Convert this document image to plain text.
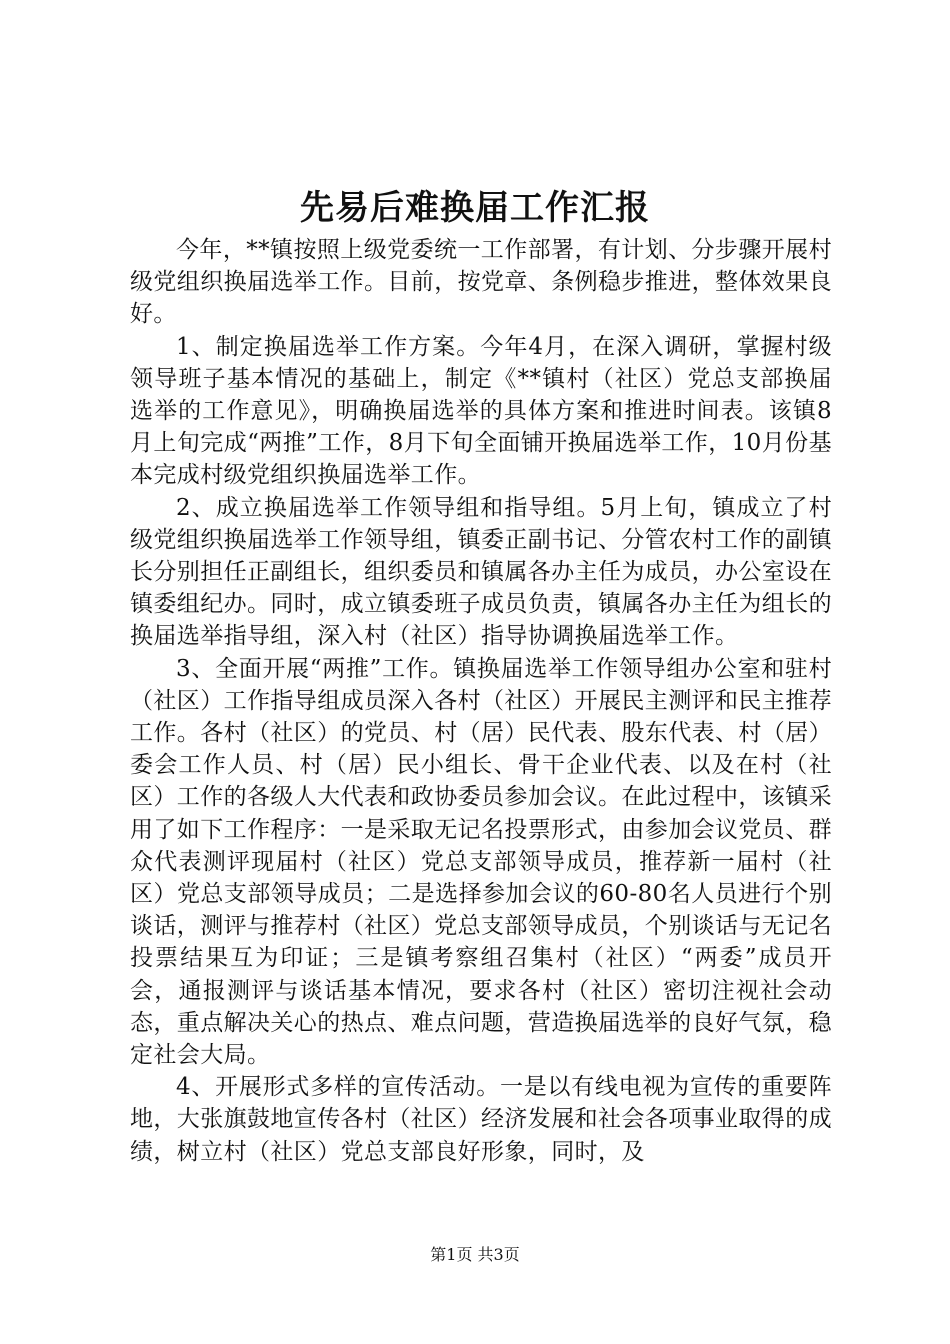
先易后难换届工作汇报

今年，**镇按照上级党委统一工作部署，有计划、分步骤开展村级党组织换届选举工作。目前，按党章、条例稳步推进，整体效果良好。

1、制定换届选举工作方案。今年4月，在深入调研，掌握村级领导班子基本情况的基础上，制定《**镇村（社区）党总支部换届选举的工作意见》，明确换届选举的具体方案和推进时间表。该镇8月上旬完成“两推”工作，8月下旬全面铺开换届选举工作，10月份基本完成村级党组织换届选举工作。

2、成立换届选举工作领导组和指导组。5月上旬，镇成立了村级党组织换届选举工作领导组，镇委正副书记、分管农村工作的副镇长分别担任正副组长，组织委员和镇属各办主任为成员，办公室设在镇委组纪办。同时，成立镇委班子成员负责，镇属各办主任为组长的换届选举指导组，深入村（社区）指导协调换届选举工作。

3、全面开展“两推”工作。镇换届选举工作领导组办公室和驻村（社区）工作指导组成员深入各村（社区）开展民主测评和民主推荐工作。各村（社区）的党员、村（居）民代表、股东代表、村（居）委会工作人员、村（居）民小组长、骨干企业代表、以及在村（社区）工作的各级人大代表和政协委员参加会议。在此过程中，该镇采用了如下工作程序：一是采取无记名投票形式，由参加会议党员、群众代表测评现届村（社区）党总支部领导成员，推荐新一届村（社区）党总支部领导成员；二是选择参加会议的60-80名人员进行个别谈话，测评与推荐村（社区）党总支部领导成员，个别谈话与无记名投票结果互为印证；三是镇考察组召集村（社区）“两委”成员开会，通报测评与谈话基本情况，要求各村（社区）密切注视社会动态，重点解决关心的热点、难点问题，营造换届选举的良好气氛，稳定社会大局。

4、开展形式多样的宣传活动。一是以有线电视为宣传的重要阵地，大张旗鼓地宣传各村（社区）经济发展和社会各项事业取得的成绩，树立村（社区）党总支部良好形象，同时，及

第1页 共3页
